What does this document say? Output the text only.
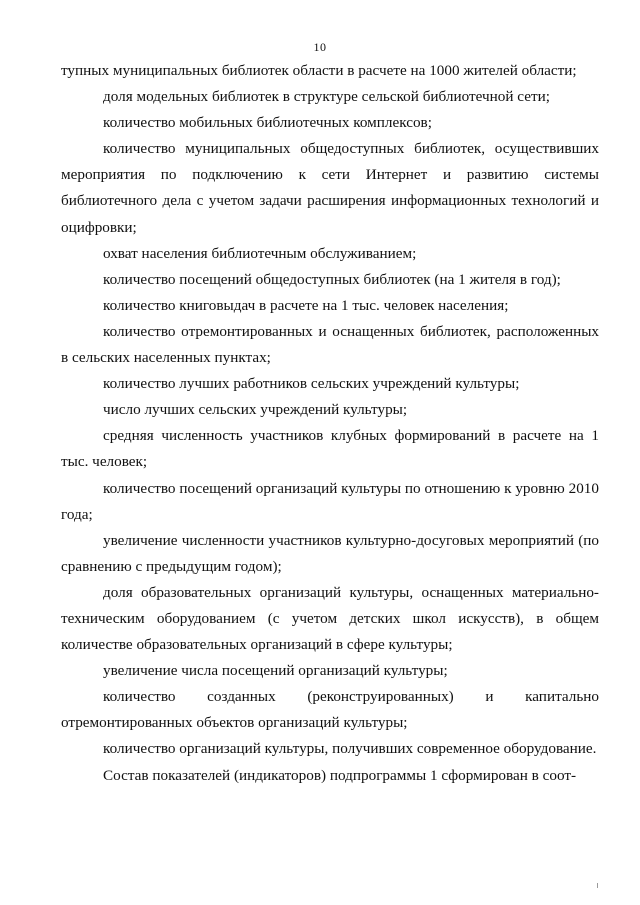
10

тупных муниципальных библиотек области в расчете на 1000 жителей области;

доля модельных библиотек в структуре сельской библиотечной сети;

количество мобильных библиотечных комплексов;

количество муниципальных общедоступных библиотек, осуществивших мероприятия по подключению к сети Интернет и развитию системы библиотечного дела с учетом задачи расширения информационных технологий и оцифровки;

охват населения библиотечным обслуживанием;

количество посещений общедоступных библиотек (на 1 жителя в год);

количество книговыдач в расчете на 1 тыс. человек населения;

количество отремонтированных и оснащенных библиотек, расположенных в сельских населенных пунктах;

количество лучших работников сельских учреждений культуры;

число лучших сельских учреждений культуры;

средняя численность участников клубных формирований в расчете на 1 тыс. человек;

количество посещений организаций культуры по отношению к уровню 2010 года;

увеличение численности участников культурно-досуговых мероприятий (по сравнению с предыдущим годом);

доля образовательных организаций культуры, оснащенных материально-техническим оборудованием (с учетом детских школ искусств), в общем количестве образовательных организаций в сфере культуры;

увеличение числа посещений организаций культуры;

количество созданных (реконструированных) и капитально отремонтированных объектов организаций культуры;

количество организаций культуры, получивших современное оборудование.

Состав показателей (индикаторов) подпрограммы 1 сформирован в соот-
